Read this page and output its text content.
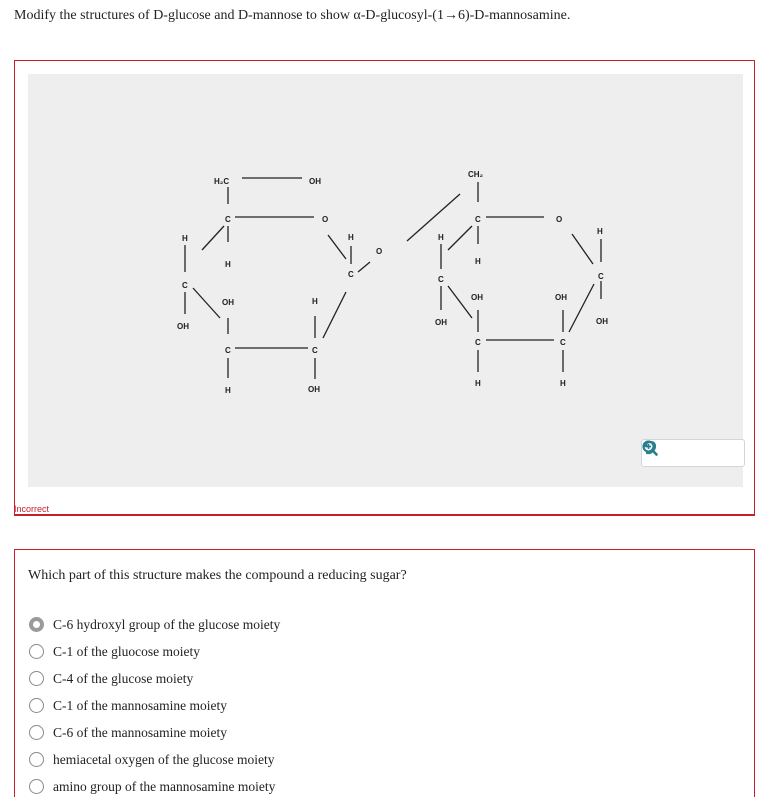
Modify the structures of D-glucose and D-mannose to show α-D-glucosyl-(1→6)-D-mannosamine.
H₂C	OH
C	O
H
C
OH
H
OH
C
H
H
C
OH
H
C
O
CH₂
C	O
H
C
H
OH
OH
C
H
OH
C
H
H
C
OH
Incorrect
Which part of this structure makes the compound a reducing sugar?
C-6 hydroxyl group of the glucose moiety
C-1 of the gluocose moiety
C-4 of the glucose moiety
C-1 of the mannosamine moiety
C-6 of the mannosamine moiety
hemiacetal oxygen of the glucose moiety
amino group of the mannosamine moiety
